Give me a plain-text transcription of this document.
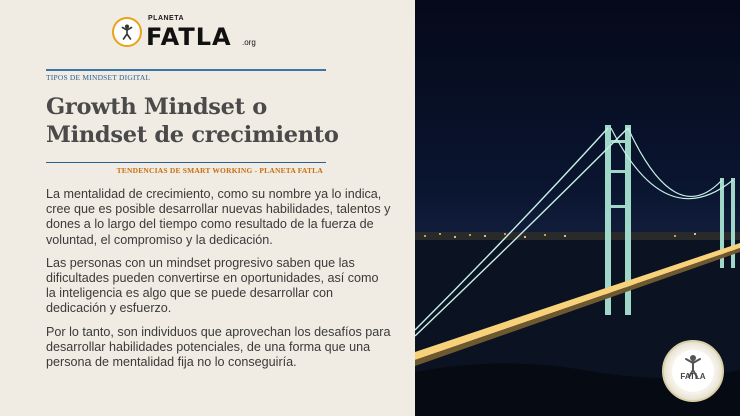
PLANETA
FATLA .org
TIPOS DE MINDSET DIGITAL
Growth Mindset o
Mindset de crecimiento
TENDENCIAS DE SMART WORKING - PLANETA FATLA

La mentalidad de crecimiento, como su nombre ya lo indica, cree que es posible desarrollar nuevas habilidades, talentos y dones a lo largo del tiempo como resultado de la fuerza de voluntad, el compromiso y la dedicación.

Las personas con un mindset progresivo saben que las dificultades pueden convertirse en oportunidades, así como la inteligencia es algo que se puede desarrollar con dedicación y esfuerzo.

Por lo tanto, son individuos que aprovechan los desafíos para desarrollar habilidades potenciales, de una forma que una persona de mentalidad fija no lo conseguiría.

FATLA
